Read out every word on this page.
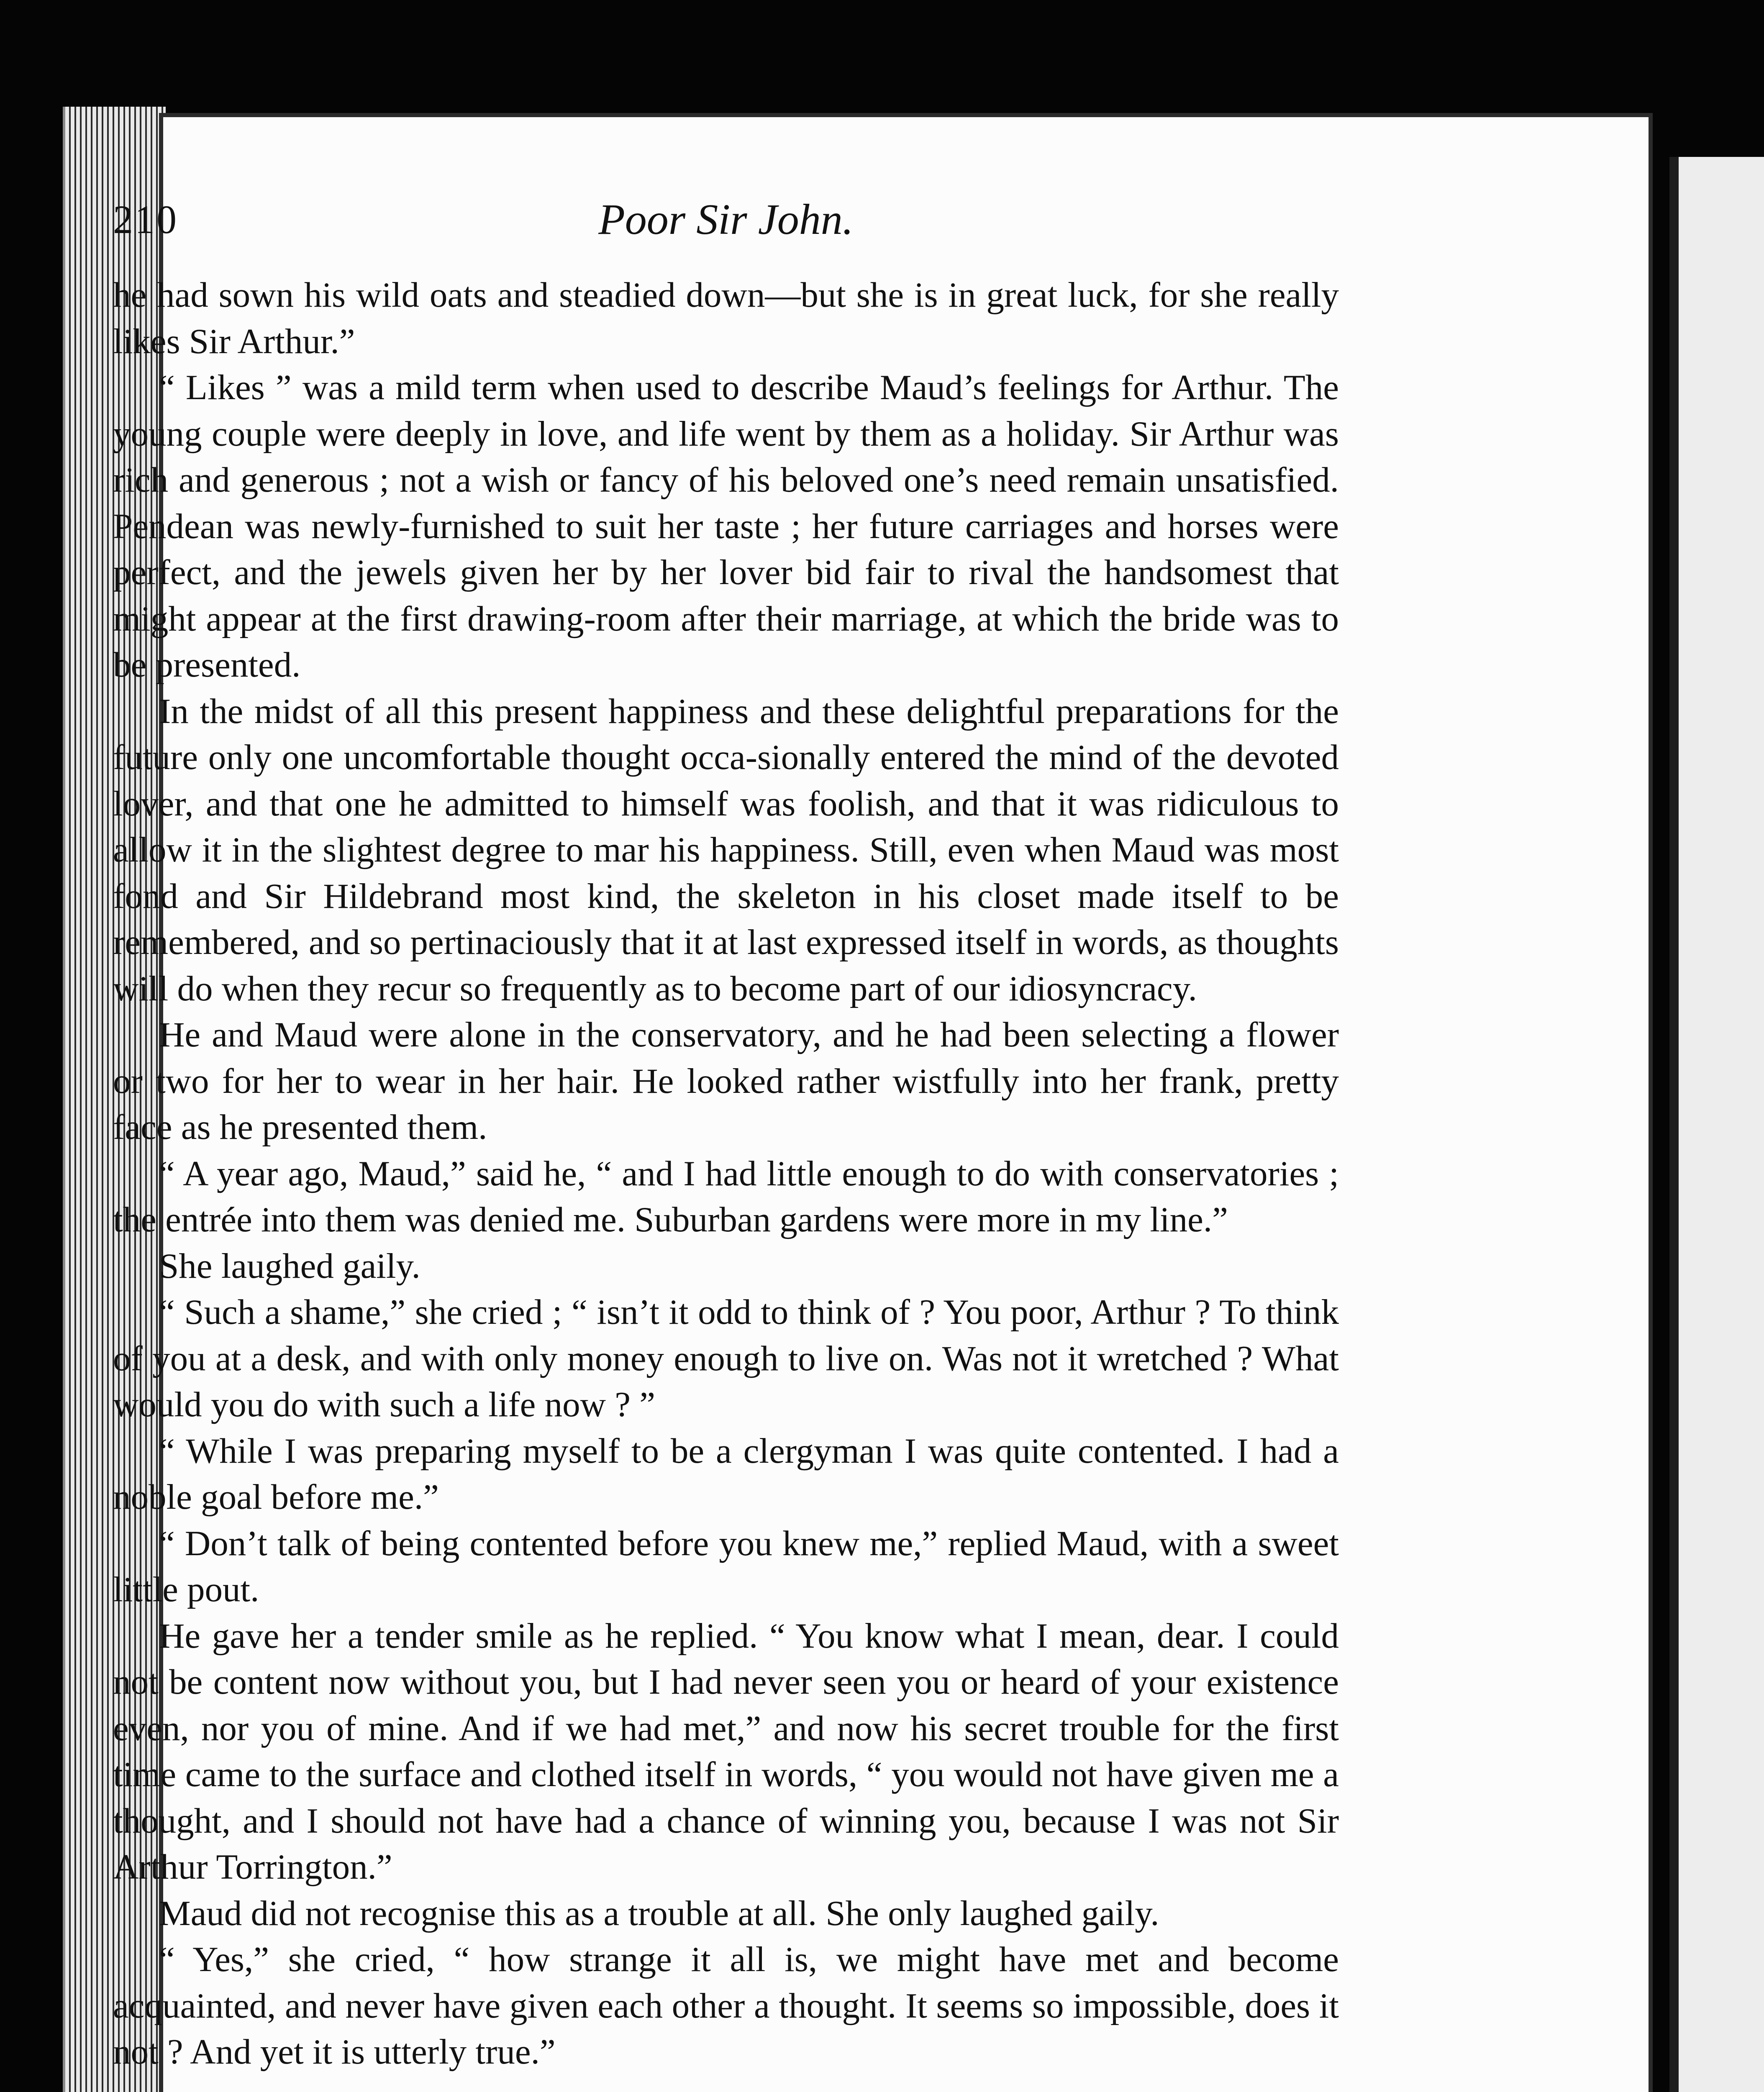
210	Poor Sir John.

he had sown his wild oats and steadied down—but she is in great luck, for she really likes Sir Arthur.”

“ Likes ” was a mild term when used to describe Maud’s feelings for Arthur. The young couple were deeply in love, and life went by them as a holiday. Sir Arthur was rich and generous ; not a wish or fancy of his beloved one’s need remain unsatisfied. Pendean was newly-furnished to suit her taste ; her future carriages and horses were perfect, and the jewels given her by her lover bid fair to rival the handsomest that might appear at the first drawing-room after their marriage, at which the bride was to be presented.

In the midst of all this present happiness and these delightful preparations for the future only one uncomfortable thought occa-sionally entered the mind of the devoted lover, and that one he admitted to himself was foolish, and that it was ridiculous to allow it in the slightest degree to mar his happiness. Still, even when Maud was most fond and Sir Hildebrand most kind, the skeleton in his closet made itself to be remembered, and so pertinaciously that it at last expressed itself in words, as thoughts will do when they recur so frequently as to become part of our idiosyncracy.

He and Maud were alone in the conservatory, and he had been selecting a flower or two for her to wear in her hair. He looked rather wistfully into her frank, pretty face as he presented them.

“ A year ago, Maud,” said he, “ and I had little enough to do with conservatories ; the entrée into them was denied me. Suburban gardens were more in my line.”

She laughed gaily.

“ Such a shame,” she cried ; “ isn’t it odd to think of ? You poor, Arthur ? To think of you at a desk, and with only money enough to live on. Was not it wretched ? What would you do with such a life now ? ”

“ While I was preparing myself to be a clergyman I was quite contented. I had a noble goal before me.”

“ Don’t talk of being contented before you knew me,” replied Maud, with a sweet little pout.

He gave her a tender smile as he replied. “ You know what I mean, dear. I could not be content now without you, but I had never seen you or heard of your existence even, nor you of mine. And if we had met,” and now his secret trouble for the first time came to the surface and clothed itself in words, “ you would not have given me a thought, and I should not have had a chance of winning you, because I was not Sir Arthur Torrington.”

Maud did not recognise this as a trouble at all. She only laughed gaily.

“ Yes,” she cried, “ how strange it all is, we might have met and become acquainted, and never have given each other a thought. It seems so impossible, does it not ? And yet it is utterly true.”
